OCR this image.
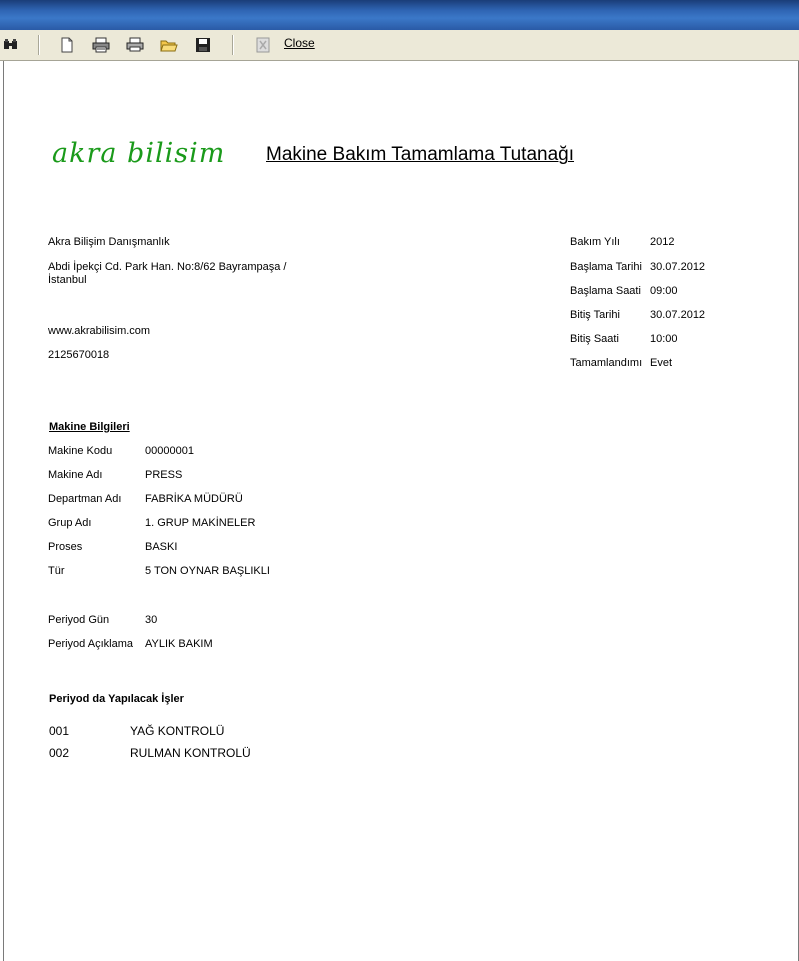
Close
akra bilisim Makine Bakım Tamamlama Tutanağı
Akra Bilişim Danışmanlık
Abdi İpekçi Cd. Park Han. No:8/62 Bayrampaşa /
İstanbul
www.akrabilisim.com
2125670018
Bakım Yılı	2012
Başlama Tarihi 30.07.2012
Başlama Saati 09:00
Bitiş Tarihi	30.07.2012
Bitiş Saati	10:00
Tamamlandımı Evet
Makine Bilgileri
Makine Kodu	00000001
Makine Adı	PRESS
Departman Adı FABRİKA MÜDÜRÜ
Grup Adı	1. GRUP MAKİNELER
Proses	BASKI
Tür	5 TON OYNAR BAŞLIKLI
Periyod Gün	30
Periyod Açıklama AYLIK BAKIM
Periyod da Yapılacak İşler
001	YAĞ KONTROLÜ
002	RULMAN KONTROLÜ
